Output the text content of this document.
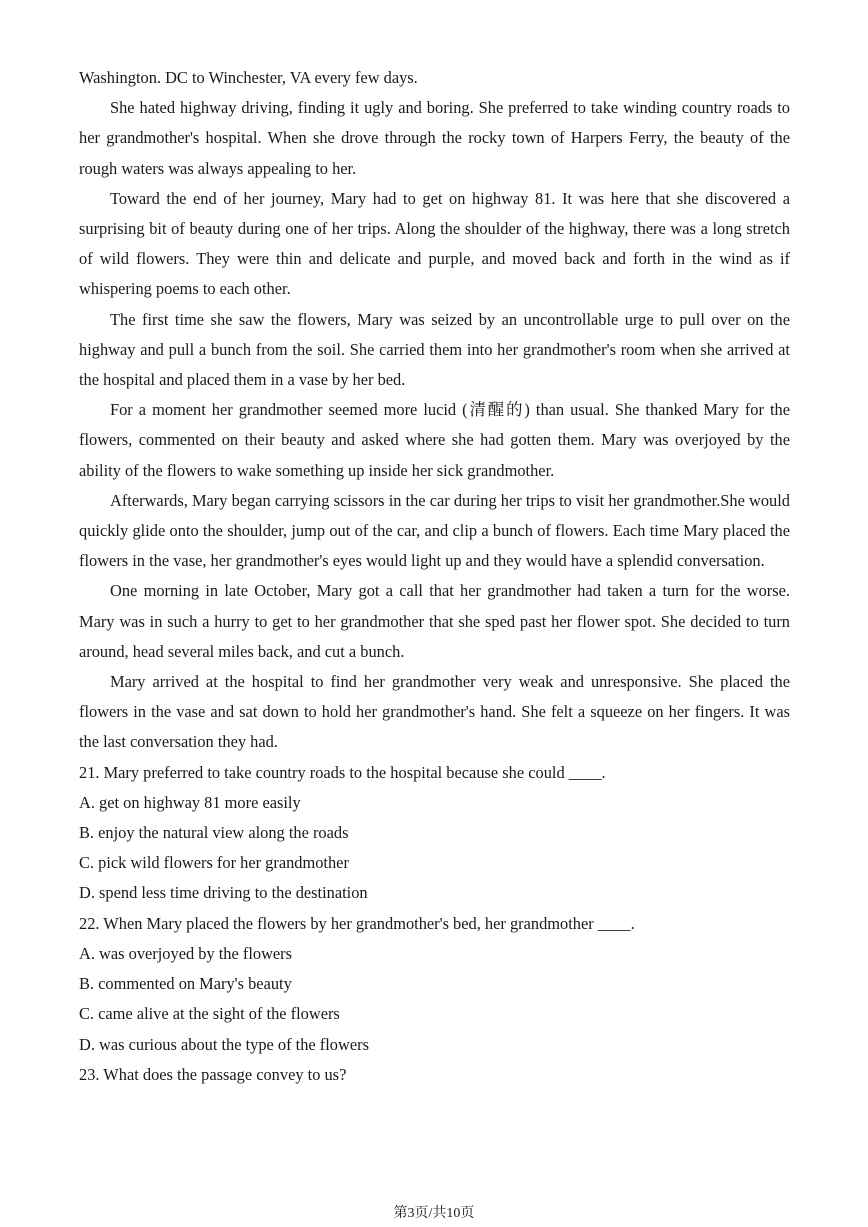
Washington. DC to Winchester, VA every few days.

She hated highway driving, finding it ugly and boring. She preferred to take winding country roads to her grandmother's hospital. When she drove through the rocky town of Harpers Ferry, the beauty of the rough waters was always appealing to her.

Toward the end of her journey, Mary had to get on highway 81. It was here that she discovered a surprising bit of beauty during one of her trips. Along the shoulder of the highway, there was a long stretch of wild flowers. They were thin and delicate and purple, and moved back and forth in the wind as if whispering poems to each other.

The first time she saw the flowers, Mary was seized by an uncontrollable urge to pull over on the highway and pull a bunch from the soil. She carried them into her grandmother's room when she arrived at the hospital and placed them in a vase by her bed.

For a moment her grandmother seemed more lucid (清醒的) than usual. She thanked Mary for the flowers, commented on their beauty and asked where she had gotten them. Mary was overjoyed by the ability of the flowers to wake something up inside her sick grandmother.

Afterwards, Mary began carrying scissors in the car during her trips to visit her grandmother.She would quickly glide onto the shoulder, jump out of the car, and clip a bunch of flowers. Each time Mary placed the flowers in the vase, her grandmother's eyes would light up and they would have a splendid conversation.

One morning in late October, Mary got a call that her grandmother had taken a turn for the worse. Mary was in such a hurry to get to her grandmother that she sped past her flower spot. She decided to turn around, head several miles back, and cut a bunch.

Mary arrived at the hospital to find her grandmother very weak and unresponsive. She placed the flowers in the vase and sat down to hold her grandmother's hand. She felt a squeeze on her fingers. It was the last conversation they had.

21. Mary preferred to take country roads to the hospital because she could ____.

A. get on highway 81 more easily

B. enjoy the natural view along the roads

C. pick wild flowers for her grandmother

D. spend less time driving to the destination

22. When Mary placed the flowers by her grandmother's bed, her grandmother ____.

A. was overjoyed by the flowers

B. commented on Mary's beauty

C. came alive at the sight of the flowers

D. was curious about the type of the flowers

23. What does the passage convey to us?

第3页/共10页
